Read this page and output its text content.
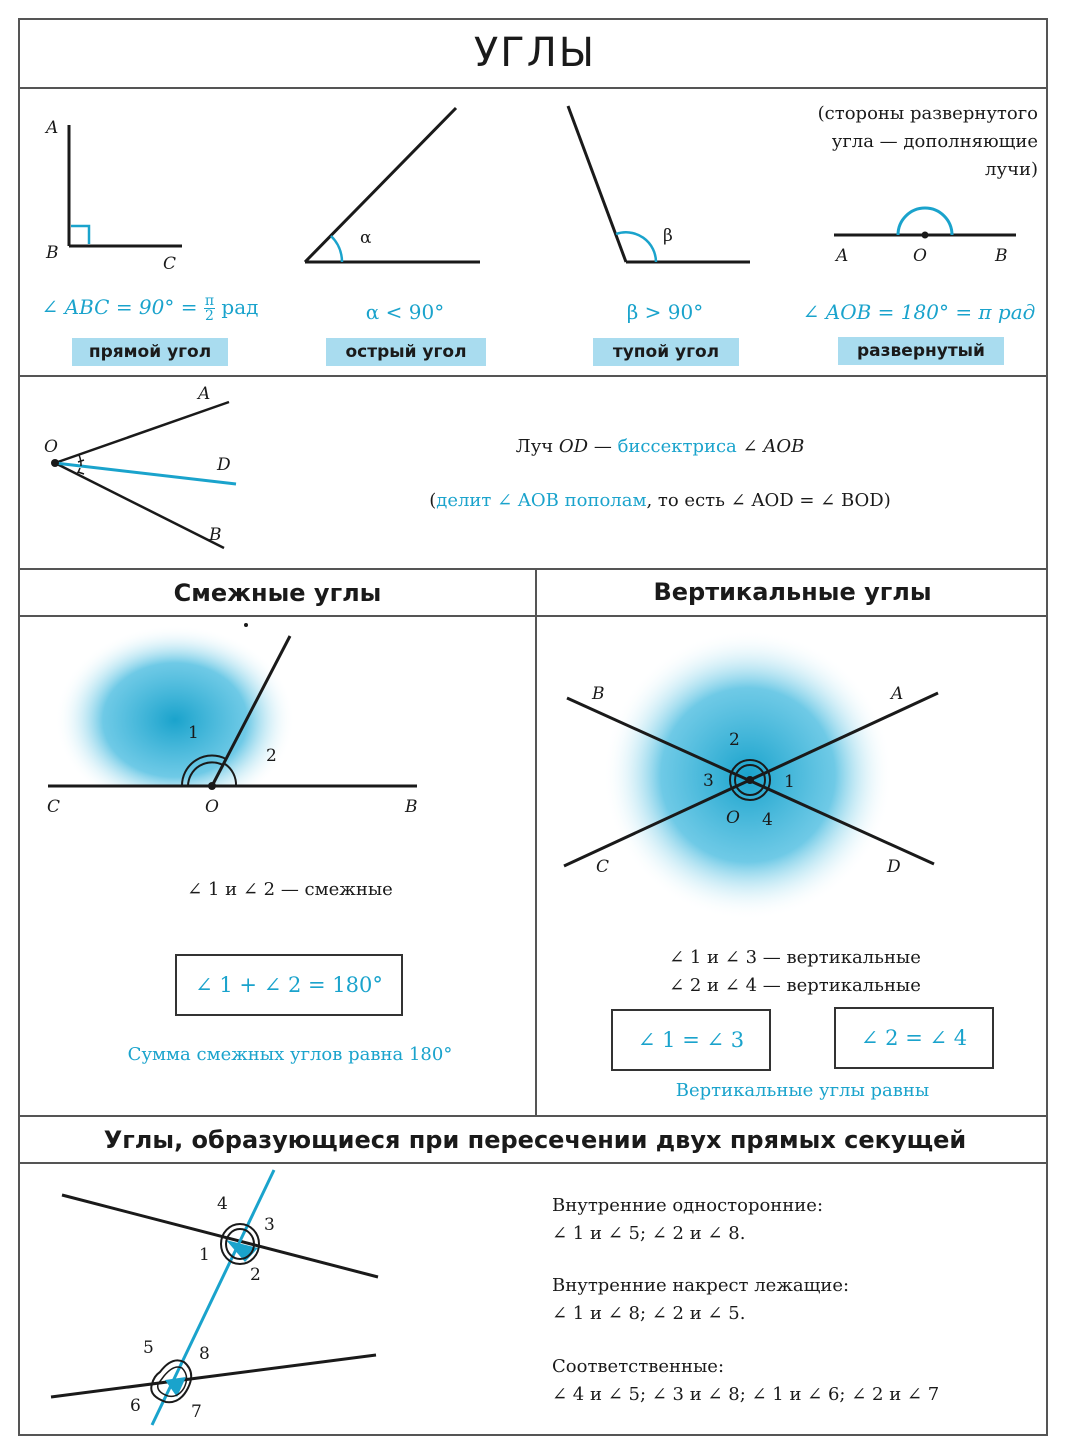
УГЛЫ
A
B
C
∠ ABC = $90^\circ = \frac{\pi}{2}$ рад
прямой угол
α
α < 90°
острый угол
β
β > 90°
тупой угол
(стороны развернутого
угла — дополняющие
лучи)
A	O	B
∠ AOB = 180° = π рад
развернутый
O
A
D
B
Луч OD — биссектриса ∠ AOB
(делит ∠ AOB пополам, то есть ∠ AOD = ∠ BOD)
Смежные углы
C	O	B
1
2
∠ 1 и ∠ 2 — смежные
∠ 1 + ∠ 2 = 180°
Сумма смежных углов равна 180°
Вертикальные углы
B	A
C	D
O
2
3	1
4
∠ 1 и ∠ 3 — вертикальные
∠ 2 и ∠ 4 — вертикальные
∠ 1 = ∠ 3	∠ 2 = ∠ 4
Вертикальные углы равны
Углы, образующиеся при пересечении двух прямых секущей
4
3
1
2
5	8
6	7
Внутренние односторонние:
∠ 1 и ∠ 5; ∠ 2 и ∠ 8.
Внутренние накрест лежащие:
∠ 1 и ∠ 8; ∠ 2 и ∠ 5.
Соответственные:
∠ 4 и ∠ 5; ∠ 3 и ∠ 8; ∠ 1 и ∠ 6; ∠ 2 и ∠ 7
